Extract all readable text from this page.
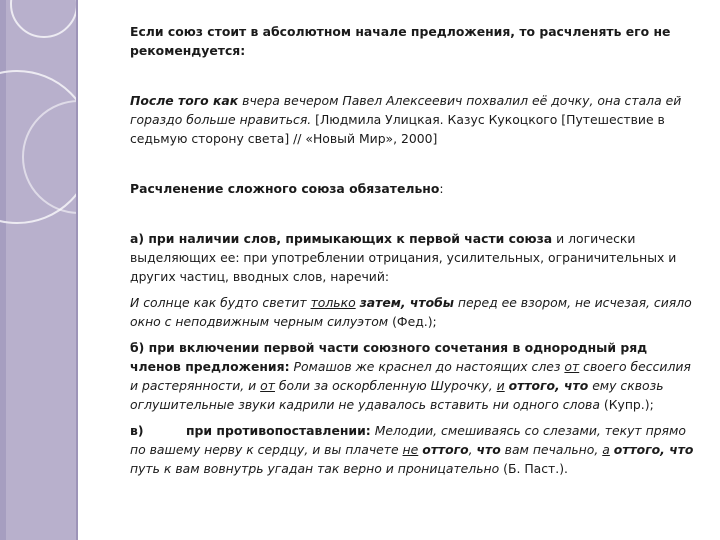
Если союз стоит в абсолютном начале предложения, то расчленять его не рекомендуется:

После того как вчера вечером Павел Алексеевич похвалил её дочку, она стала ей гораздо больше нравиться. [Людмила Улицкая. Казус Кукоцкого [Путешествие в седьмую сторону света] // «Новый Мир», 2000]

Расчленение сложного союза обязательно:

а) при наличии слов, примыкающих к первой части союза и логически выделяющих ее: при употреблении отрицания, усилительных, ограничительных и других частиц, вводных слов, наречий:

И солнце как будто светит только затем, чтобы перед ее взором, не исчезая, сияло окно с неподвижным черным силуэтом (Фед.);

б) при включении первой части союзного сочетания в однородный ряд членов предложения: Ромашов же краснел до настоящих слез от своего бессилия и растерянности, и от боли за оскорбленную Шурочку, и оттого, что ему сквозь оглушительные звуки кадрили не удавалось вставить ни одного слова (Купр.);

в)	при противопоставлении: Мелодии, смешиваясь со слезами, текут прямо по вашему нерву к сердцу, и вы плачете не оттого, что вам печально, а оттого, что путь к вам вовнутрь угадан так верно и проницательно (Б. Паст.).
